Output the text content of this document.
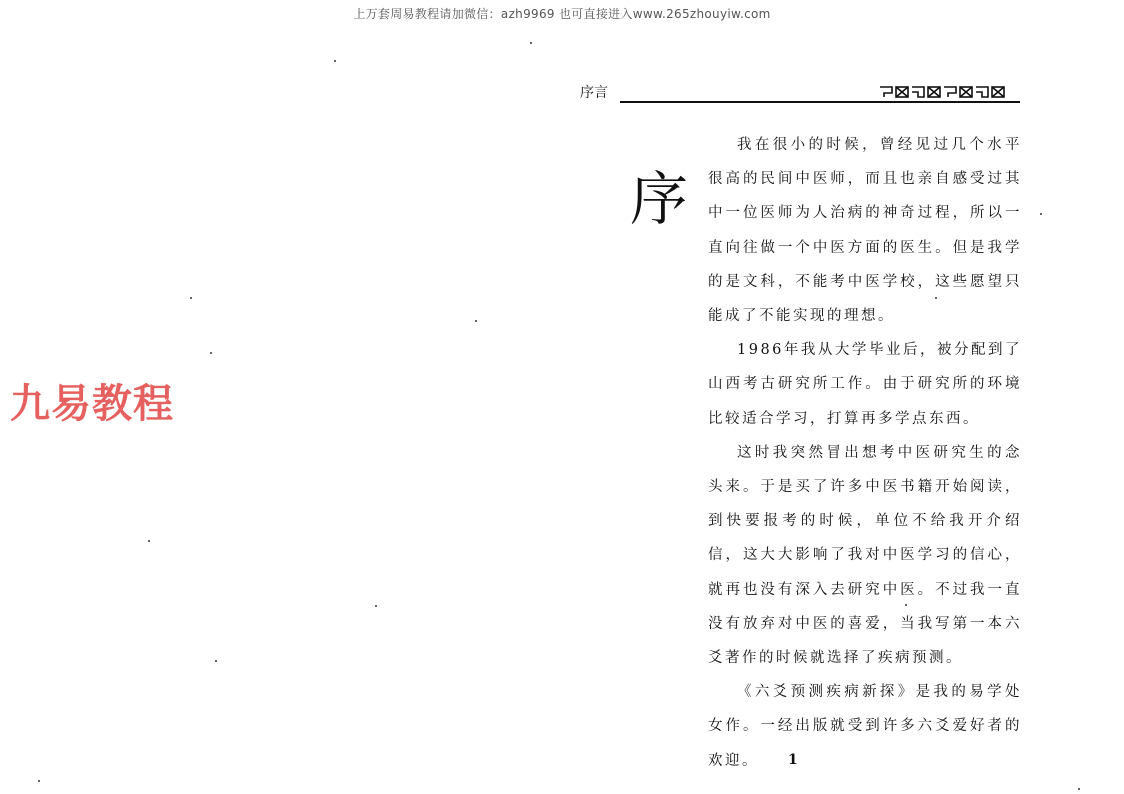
上万套周易教程请加微信：azh9969 也可直接进入www.265zhouyiw.com
九易教程
序言
序

我在很小的时候，曾经见过几个水平很高的民间中医师，而且也亲自感受过其中一位医师为人治病的神奇过程，所以一直向往做一个中医方面的医生。但是我学的是文科，不能考中医学校，这些愿望只能成了不能实现的理想。

1986年我从大学毕业后，被分配到了山西考古研究所工作。由于研究所的环境比较适合学习，打算再多学点东西。

这时我突然冒出想考中医研究生的念头来。于是买了许多中医书籍开始阅读，到快要报考的时候，单位不给我开介绍信，这大大影响了我对中医学习的信心，就再也没有深入去研究中医。不过我一直没有放弃对中医的喜爱，当我写第一本六爻著作的时候就选择了疾病预测。

《六爻预测疾病新探》是我的易学处女作。一经出版就受到许多六爻爱好者的欢迎。	1
